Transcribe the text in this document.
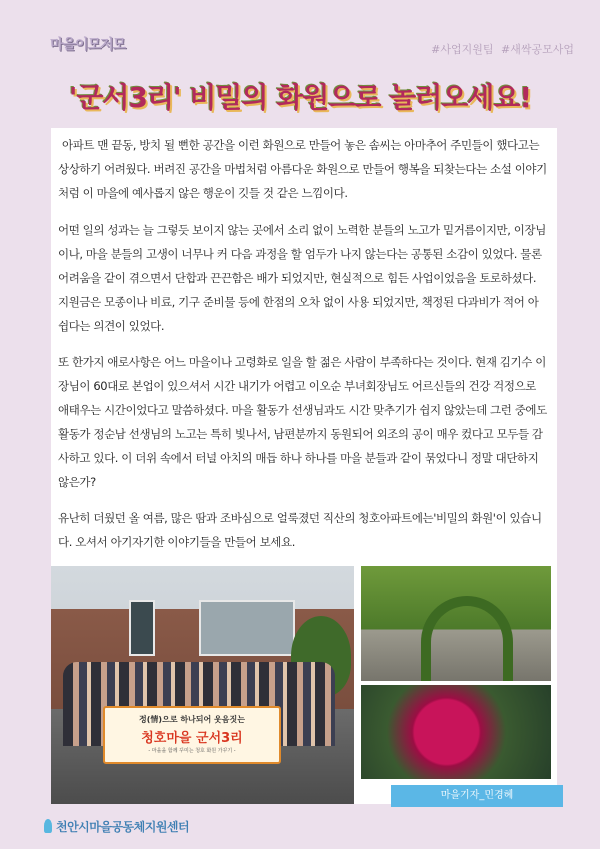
마을이모저모	#사업지원팀 #새싹공모사업
'군서3리' 비밀의 화원으로 놀러오세요!

아파트 맨 끝동, 방치 될 뻔한 공간을 이런 화원으로 만들어 놓은 솜씨는 아마추어 주민들이 했다고는 상상하기 어려웠다. 버려진 공간을 마법처럼 아름다운 화원으로 만들어 행복을 되찾는다는 소설 이야기처럼 이 마을에 예사롭지 않은 행운이 깃들 것 같은 느낌이다.

어떤 일의 성과는 늘 그렇듯 보이지 않는 곳에서 소리 없이 노력한 분들의 노고가 밑거름이지만, 이장님이나, 마을 분들의 고생이 너무나 커 다음 과정을 할 엄두가 나지 않는다는 공통된 소감이 있었다. 물론 어려움을 같이 겪으면서 단합과 끈끈함은 배가 되었지만, 현실적으로 힘든 사업이었음을 토로하셨다. 지원금은 모종이나 비료, 기구 준비물 등에 한점의 오차 없이 사용 되었지만, 책정된 다과비가 적어 아쉽다는 의견이 있었다.

또 한가지 애로사항은 어느 마을이나 고령화로 일을 할 젊은 사람이 부족하다는 것이다. 현재 김기수 이장님이 60대로 본업이 있으셔서 시간 내기가 어렵고 이오순 부녀회장님도 어르신들의 건강 걱정으로 애태우는 시간이었다고 말씀하셨다. 마을 활동가 선생님과도 시간 맞추기가 쉽지 않았는데 그런 중에도 활동가 정순남 선생님의 노고는 특히 빛나서, 남편분까지 동원되어 외조의 공이 매우 컸다고 모두들 감사하고 있다. 이 더위 속에서 터널 아치의 매듭 하나 하나를 마을 분들과 같이 묶었다니 정말 대단하지 않은가?

유난히 더웠던 올 여름, 많은 땀과 조바심으로 얼룩졌던 직산의 청호아파트에는'비밀의 화원'이 있습니다. 오셔서 아기자기한 이야기들을 만들어 보세요.

정(情)으로 하나되어 웃음짓는
청호마을 군서3리
- 마을을 함께 꾸미는 청호 화원 가꾸기 -
마을기자_민경혜
천안시마을공동체지원센터
